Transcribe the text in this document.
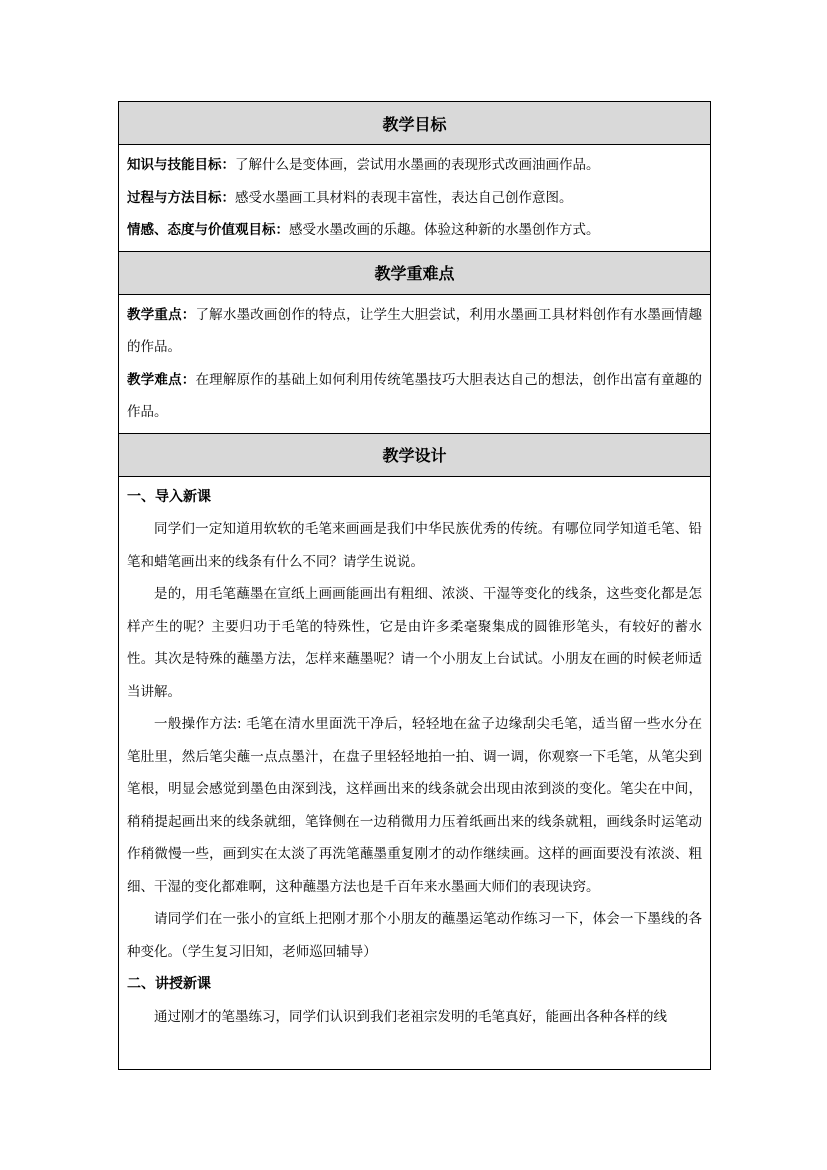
教学目标

知识与技能目标：了解什么是变体画，尝试用水墨画的表现形式改画油画作品。
过程与方法目标：感受水墨画工具材料的表现丰富性，表达自己创作意图。
情感、态度与价值观目标：感受水墨改画的乐趣。体验这种新的水墨创作方式。

教学重难点

教学重点：了解水墨改画创作的特点，让学生大胆尝试，利用水墨画工具材料创作有水墨画情趣的作品。

教学难点：在理解原作的基础上如何利用传统笔墨技巧大胆表达自己的想法，创作出富有童趣的作品。

教学设计

一、导入新课

同学们一定知道用软软的毛笔来画画是我们中华民族优秀的传统。有哪位同学知道毛笔、铅笔和蜡笔画出来的线条有什么不同？请学生说说。

是的，用毛笔蘸墨在宣纸上画画能画出有粗细、浓淡、干湿等变化的线条，这些变化都是怎样产生的呢？主要归功于毛笔的特殊性，它是由许多柔毫聚集成的圆锥形笔头，有较好的蓄水性。其次是特殊的蘸墨方法，怎样来蘸墨呢？请一个小朋友上台试试。小朋友在画的时候老师适当讲解。

一般操作方法: 毛笔在清水里面洗干净后，轻轻地在盆子边缘刮尖毛笔，适当留一些水分在笔肚里，然后笔尖蘸一点点墨汁，在盘子里轻轻地拍一拍、调一调，你观察一下毛笔，从笔尖到笔根，明显会感觉到墨色由深到浅，这样画出来的线条就会出现由浓到淡的变化。笔尖在中间，稍稍提起画出来的线条就细，笔锋侧在一边稍微用力压着纸画出来的线条就粗，画线条时运笔动作稍微慢一些，画到实在太淡了再洗笔蘸墨重复刚才的动作继续画。这样的画面要没有浓淡、粗细、干湿的变化都难啊，这种蘸墨方法也是千百年来水墨画大师们的表现诀窍。

请同学们在一张小的宣纸上把刚才那个小朋友的蘸墨运笔动作练习一下，体会一下墨线的各种变化。（学生复习旧知，老师巡回辅导）

二、讲授新课

通过刚才的笔墨练习，同学们认识到我们老祖宗发明的毛笔真好，能画出各种各样的线
